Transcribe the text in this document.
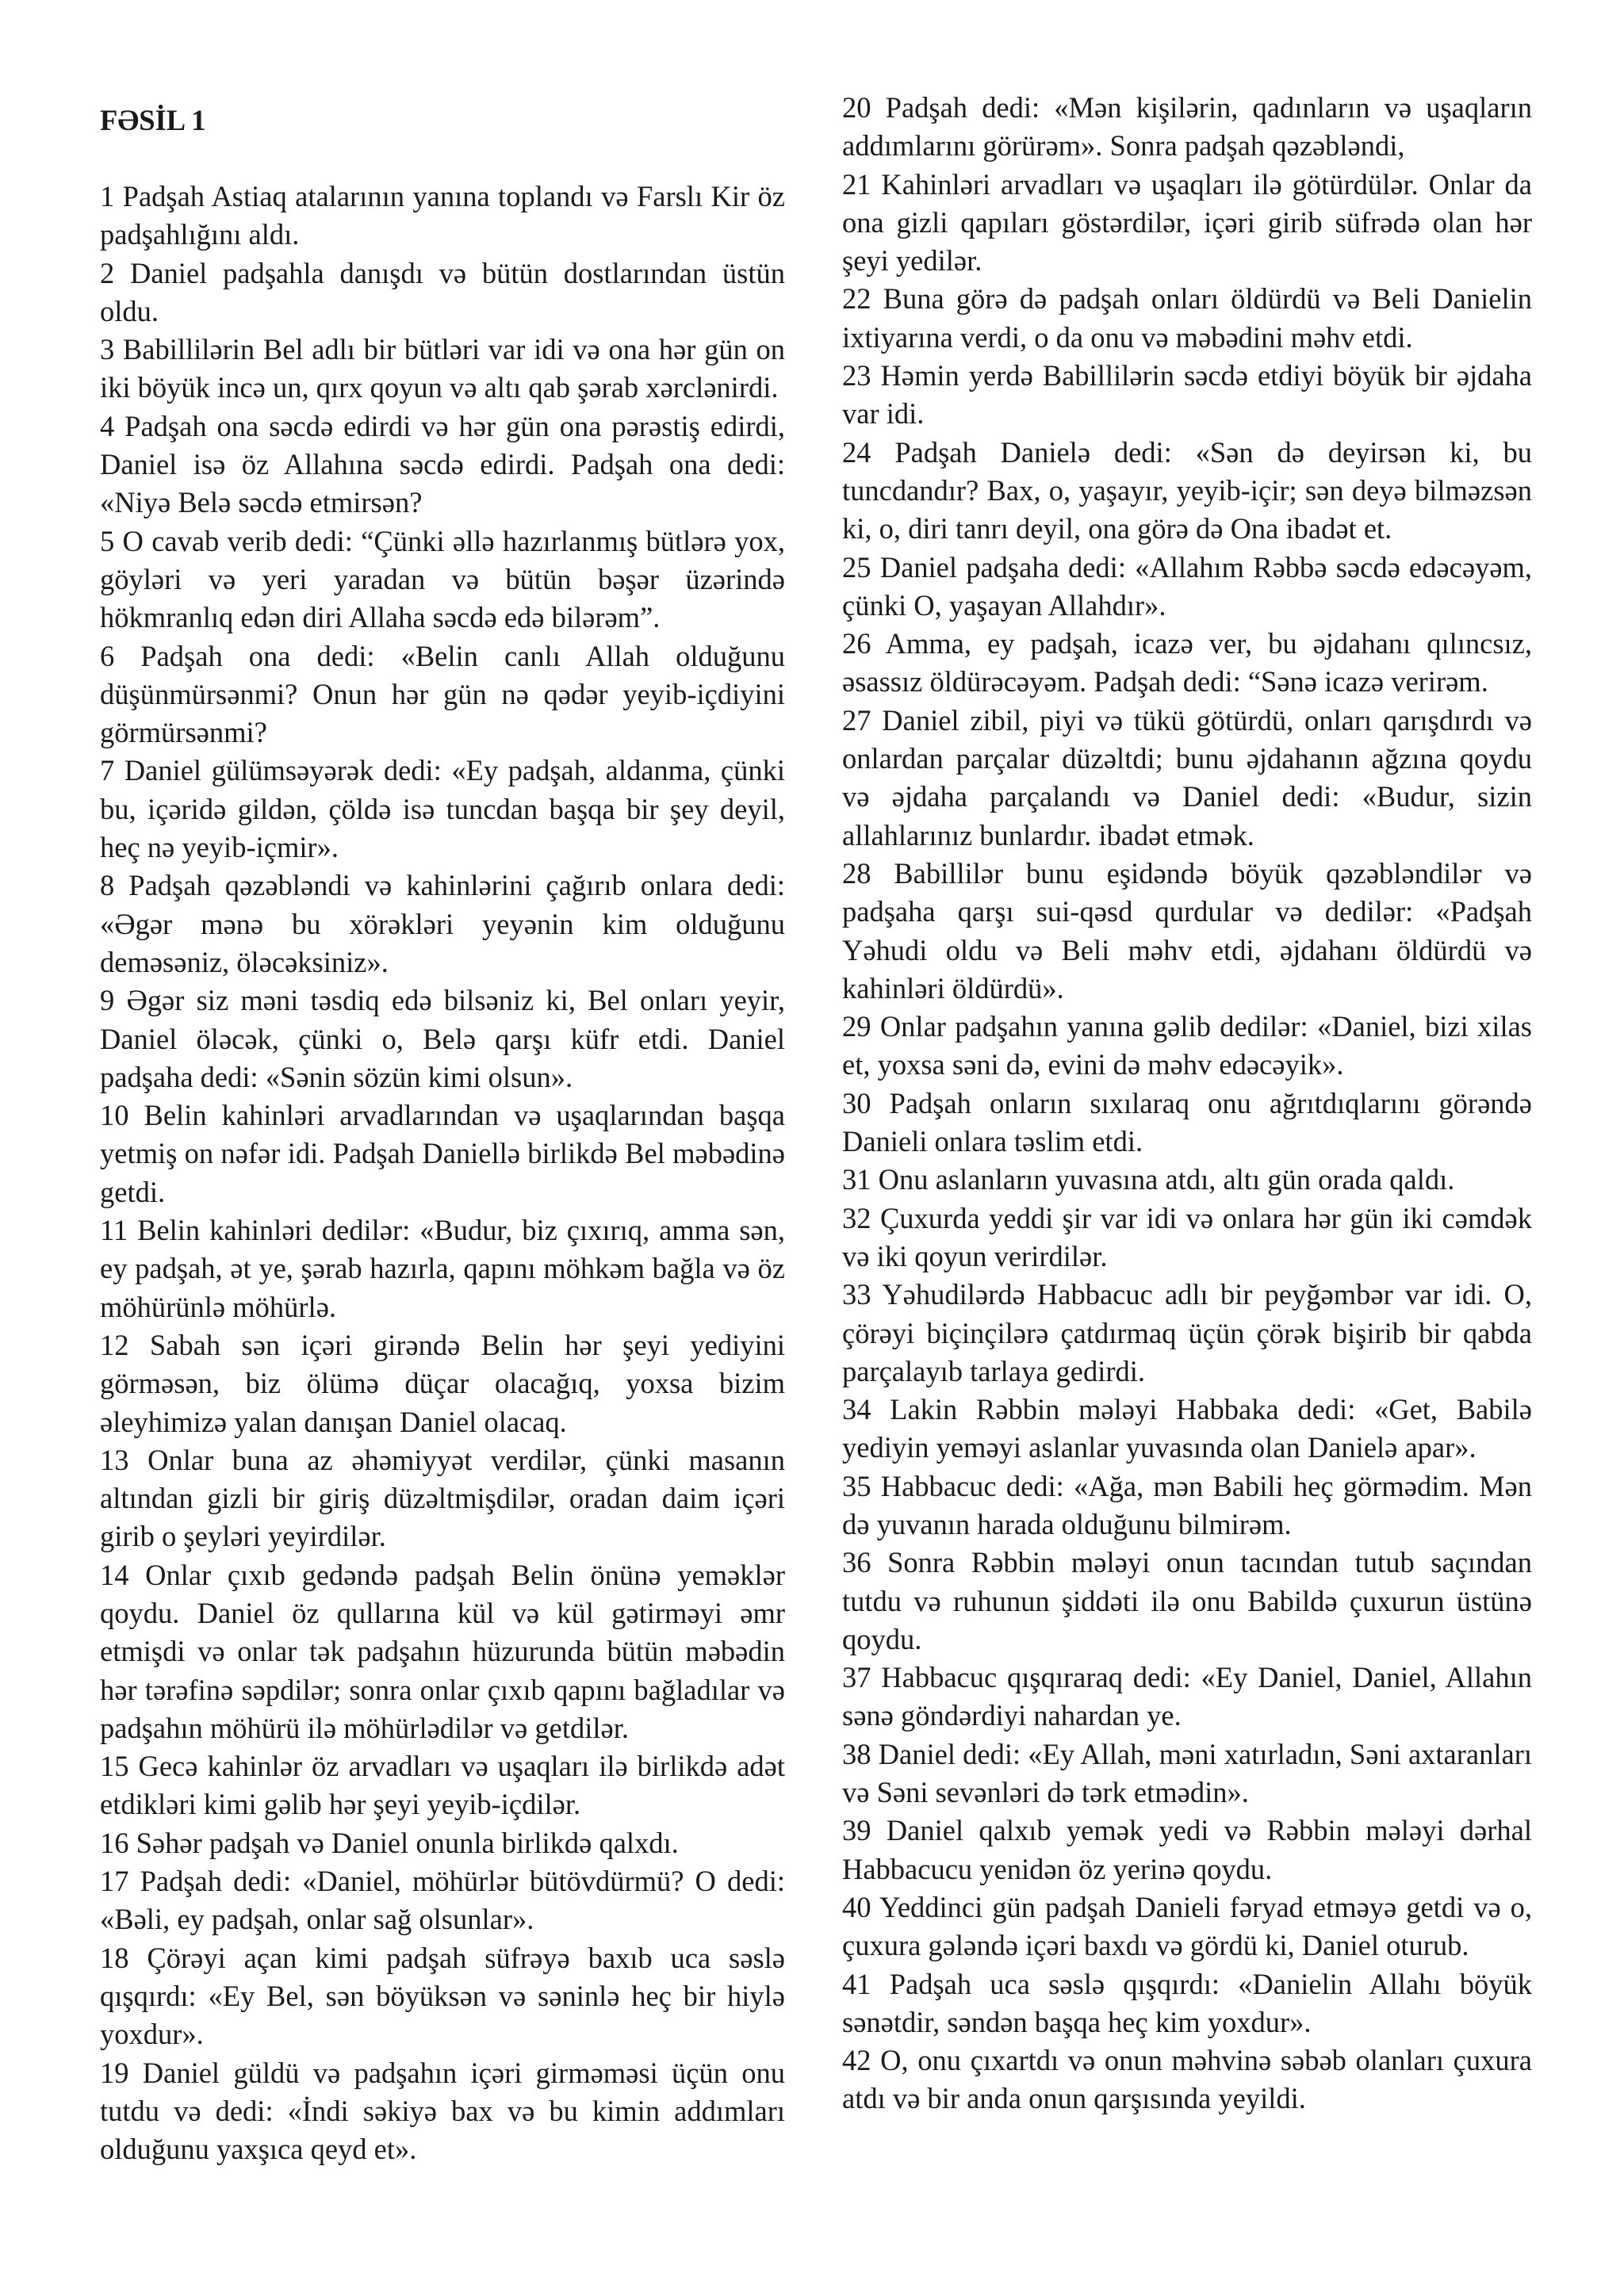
FƏSİL 1

1 Padşah Astiaq atalarının yanına toplandı və Farslı Kir öz padşahlığını aldı.

2 Daniel padşahla danışdı və bütün dostlarından üstün oldu.

3 Babillilərin Bel adlı bir bütləri var idi və ona hər gün on iki böyük incə un, qırx qoyun və altı qab şərab xərclənirdi.

4 Padşah ona səcdə edirdi və hər gün ona pərəstiş edirdi, Daniel isə öz Allahına səcdə edirdi. Padşah ona dedi: «Niyə Belə səcdə etmirsən?

5 O cavab verib dedi: “Çünki əllə hazırlanmış bütlərə yox, göyləri və yeri yaradan və bütün bəşər üzərində hökmranlıq edən diri Allaha səcdə edə bilərəm”.

6 Padşah ona dedi: «Belin canlı Allah olduğunu düşünmürsənmi? Onun hər gün nə qədər yeyib-içdiyini görmürsənmi?

7 Daniel gülümsəyərək dedi: «Ey padşah, aldanma, çünki bu, içəridə gildən, çöldə isə tuncdan başqa bir şey deyil, heç nə yeyib-içmir».

8 Padşah qəzəbləndi və kahinlərini çağırıb onlara dedi: «Əgər mənə bu xörəkləri yeyənin kim olduğunu deməsəniz, öləcəksiniz».

9 Əgər siz məni təsdiq edə bilsəniz ki, Bel onları yeyir, Daniel öləcək, çünki o, Belə qarşı küfr etdi. Daniel padşaha dedi: «Sənin sözün kimi olsun».

10 Belin kahinləri arvadlarından və uşaqlarından başqa yetmiş on nəfər idi. Padşah Daniellə birlikdə Bel məbədinə getdi.

11 Belin kahinləri dedilər: «Budur, biz çıxırıq, amma sən, ey padşah, ət ye, şərab hazırla, qapını möhkəm bağla və öz möhürünlə möhürlə.

12 Sabah sən içəri girəndə Belin hər şeyi yediyini görməsən, biz ölümə düçar olacağıq, yoxsa bizim əleyhimizə yalan danışan Daniel olacaq.

13 Onlar buna az əhəmiyyət verdilər, çünki masanın altından gizli bir giriş düzəltmişdilər, oradan daim içəri girib o şeyləri yeyirdilər.

14 Onlar çıxıb gedəndə padşah Belin önünə yeməklər qoydu. Daniel öz qullarına kül və kül gətirməyi əmr etmişdi və onlar tək padşahın hüzurunda bütün məbədin hər tərəfinə səpdilər; sonra onlar çıxıb qapını bağladılar və padşahın möhürü ilə möhürlədilər və getdilər.

15 Gecə kahinlər öz arvadları və uşaqları ilə birlikdə adət etdikləri kimi gəlib hər şeyi yeyib-içdilər.

16 Səhər padşah və Daniel onunla birlikdə qalxdı.

17 Padşah dedi: «Daniel, möhürlər bütövdürmü? O dedi: «Bəli, ey padşah, onlar sağ olsunlar».

18 Çörəyi açan kimi padşah süfrəyə baxıb uca səslə qışqırdı: «Ey Bel, sən böyüksən və səninlə heç bir hiylə yoxdur».

19 Daniel güldü və padşahın içəri girməməsi üçün onu tutdu və dedi: «İndi səkiyə bax və bu kimin addımları olduğunu yaxşıca qeyd et».

20 Padşah dedi: «Mən kişilərin, qadınların və uşaqların addımlarını görürəm». Sonra padşah qəzəbləndi,

21 Kahinləri arvadları və uşaqları ilə götürdülər. Onlar da ona gizli qapıları göstərdilər, içəri girib süfrədə olan hər şeyi yedilər.

22 Buna görə də padşah onları öldürdü və Beli Danielin ixtiyarına verdi, o da onu və məbədini məhv etdi.

23 Həmin yerdə Babillilərin səcdə etdiyi böyük bir əjdaha var idi.

24 Padşah Danielə dedi: «Sən də deyirsən ki, bu tuncdandır? Bax, o, yaşayır, yeyib-içir; sən deyə bilməzsən ki, o, diri tanrı deyil, ona görə də Ona ibadət et.

25 Daniel padşaha dedi: «Allahım Rəbbə səcdə edəcəyəm, çünki O, yaşayan Allahdır».

26 Amma, ey padşah, icazə ver, bu əjdahanı qılıncsız, əsassız öldürəcəyəm. Padşah dedi: “Sənə icazə verirəm.

27 Daniel zibil, piyi və tükü götürdü, onları qarışdırdı və onlardan parçalar düzəltdi; bunu əjdahanın ağzına qoydu və əjdaha parçalandı və Daniel dedi: «Budur, sizin allahlarınız bunlardır. ibadət etmək.

28 Babillilər bunu eşidəndə böyük qəzəbləndilər və padşaha qarşı sui-qəsd qurdular və dedilər: «Padşah Yəhudi oldu və Beli məhv etdi, əjdahanı öldürdü və kahinləri öldürdü».

29 Onlar padşahın yanına gəlib dedilər: «Daniel, bizi xilas et, yoxsa səni də, evini də məhv edəcəyik».

30 Padşah onların sıxılaraq onu ağrıtdıqlarını görəndə Danieli onlara təslim etdi.

31 Onu aslanların yuvasına atdı, altı gün orada qaldı.

32 Çuxurda yeddi şir var idi və onlara hər gün iki cəmdək və iki qoyun verirdilər.

33 Yəhudilərdə Habbacuc adlı bir peyğəmbər var idi. O, çörəyi biçinçilərə çatdırmaq üçün çörək bişirib bir qabda parçalayıb tarlaya gedirdi.

34 Lakin Rəbbin mələyi Habbaka dedi: «Get, Babilə yediyin yeməyi aslanlar yuvasında olan Danielə apar».

35 Habbacuc dedi: «Ağa, mən Babili heç görmədim. Mən də yuvanın harada olduğunu bilmirəm.

36 Sonra Rəbbin mələyi onun tacından tutub saçından tutdu və ruhunun şiddəti ilə onu Babildə çuxurun üstünə qoydu.

37 Habbacuc qışqıraraq dedi: «Ey Daniel, Daniel, Allahın sənə göndərdiyi nahardan ye.

38 Daniel dedi: «Ey Allah, məni xatırladın, Səni axtaranları və Səni sevənləri də tərk etmədin».

39 Daniel qalxıb yemək yedi və Rəbbin mələyi dərhal Habbacucu yenidən öz yerinə qoydu.

40 Yeddinci gün padşah Danieli fəryad etməyə getdi və o, çuxura gələndə içəri baxdı və gördü ki, Daniel oturub.

41 Padşah uca səslə qışqırdı: «Danielin Allahı böyük sənətdir, səndən başqa heç kim yoxdur».

42 O, onu çıxartdı və onun məhvinə səbəb olanları çuxura atdı və bir anda onun qarşısında yeyildi.
